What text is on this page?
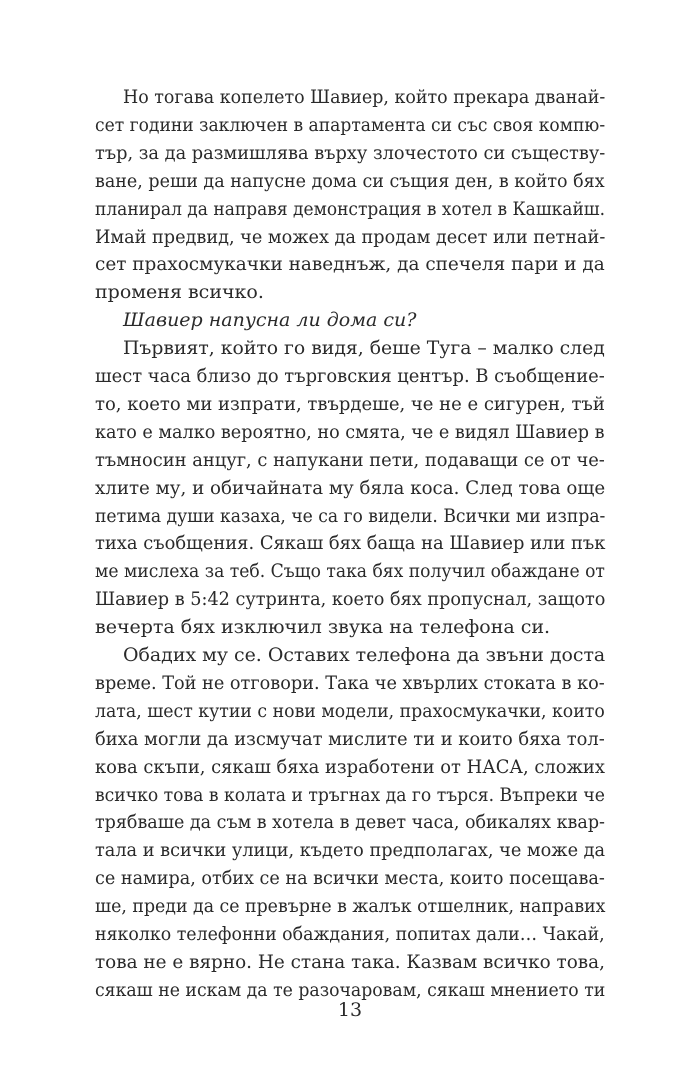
Но тогава копелето Шавиер, който прекара дванай-
сет години заключен в апартамента си със своя компю-
тър, за да размишлява върху злочестото си съществу-
ване, реши да напусне дома си същия ден, в който бях
планирал да направя демонстрация в хотел в Кашкайш.
Имай предвид, че можех да продам десет или петнай-
сет прахосмукачки наведнъж, да спечеля пари и да
променя всичко.
Шавиер напусна ли дома си?
Първият, който го видя, беше Туга – малко след
шест часа близо до търговския център. В съобщение-
то, което ми изпрати, твърдеше, че не е сигурен, тъй
като е малко вероятно, но смята, че е видял Шавиер в
тъмносин анцуг, с напукани пети, подаващи се от че-
хлите му, и обичайната му бяла коса. След това още
петима души казаха, че са го видели. Всички ми изпра-
тиха съобщения. Сякаш бях баща на Шавиер или пък
ме мислеха за теб. Също така бях получил обаждане от
Шавиер в 5:42 сутринта, което бях пропуснал, защото
вечерта бях изключил звука на телефона си.
Обадих му се. Оставих телефона да звъни доста
време. Той не отговори. Така че хвърлих стоката в ко-
лата, шест кутии с нови модели, прахосмукачки, които
биха могли да изсмучат мислите ти и които бяха тол-
кова скъпи, сякаш бяха изработени от НАСА, сложих
всичко това в колата и тръгнах да го търся. Въпреки че
трябваше да съм в хотела в девет часа, обикалях квар-
тала и всички улици, където предполагах, че може да
се намира, отбих се на всички места, които посещава-
ше, преди да се превърне в жалък отшелник, направих
няколко телефонни обаждания, попитах дали… Чакай,
това не е вярно. Не стана така. Казвам всичко това,
сякаш не искам да те разочаровам, сякаш мнението ти
13
